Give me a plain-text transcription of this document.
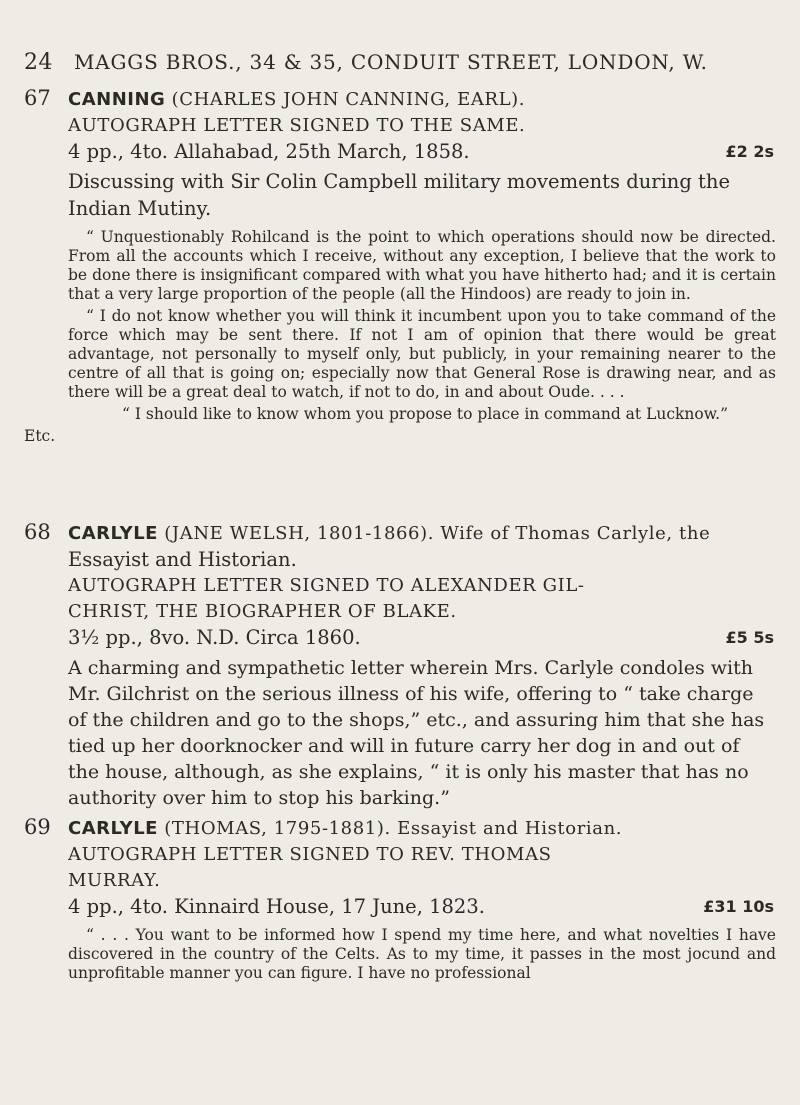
24	MAGGS BROS., 34 & 35, CONDUIT STREET, LONDON, W.
67 CANNING (CHARLES JOHN CANNING, EARL).
AUTOGRAPH LETTER SIGNED TO THE SAME.
4 pp., 4to. Allahabad, 25th March, 1858.	£2 2s
Discussing with Sir Colin Campbell military movements during the Indian Mutiny.

“ Unquestionably Rohilcand is the point to which operations should now be directed. From all the accounts which I receive, without any exception, I believe that the work to be done there is insignificant compared with what you have hitherto had; and it is certain that a very large proportion of the people (all the Hindoos) are ready to join in.

“ I do not know whether you will think it incumbent upon you to take command of the force which may be sent there. If not I am of opinion that there would be great advantage, not personally to myself only, but publicly, in your remaining nearer to the centre of all that is going on; especially now that General Rose is drawing near, and as there will be a great deal to watch, if not to do, in and about Oude. . . .

“ I should like to know whom you propose to place in command at Lucknow.”

Etc.

68 CARLYLE (JANE WELSH, 1801-1866). Wife of Thomas Carlyle, the
Essayist and Historian.
AUTOGRAPH LETTER SIGNED TO ALEXANDER GIL-
CHRIST, THE BIOGRAPHER OF BLAKE.
3½ pp., 8vo. N.D. Circa 1860.	£5 5s
A charming and sympathetic letter wherein Mrs. Carlyle condoles with Mr. Gilchrist on the serious illness of his wife, offering to “ take charge of the children and go to the shops,” etc., and assuring him that she has tied up her doorknocker and will in future carry her dog in and out of the house, although, as she explains, “ it is only his master that has no authority over him to stop his barking.”
69 CARLYLE (THOMAS, 1795-1881). Essayist and Historian.
AUTOGRAPH LETTER SIGNED TO REV. THOMAS
MURRAY.
4 pp., 4to. Kinnaird House, 17 June, 1823.	£31 10s

“ . . . You want to be informed how I spend my time here, and what novelties I have discovered in the country of the Celts. As to my time, it passes in the most jocund and unprofitable manner you can figure. I have no professional
